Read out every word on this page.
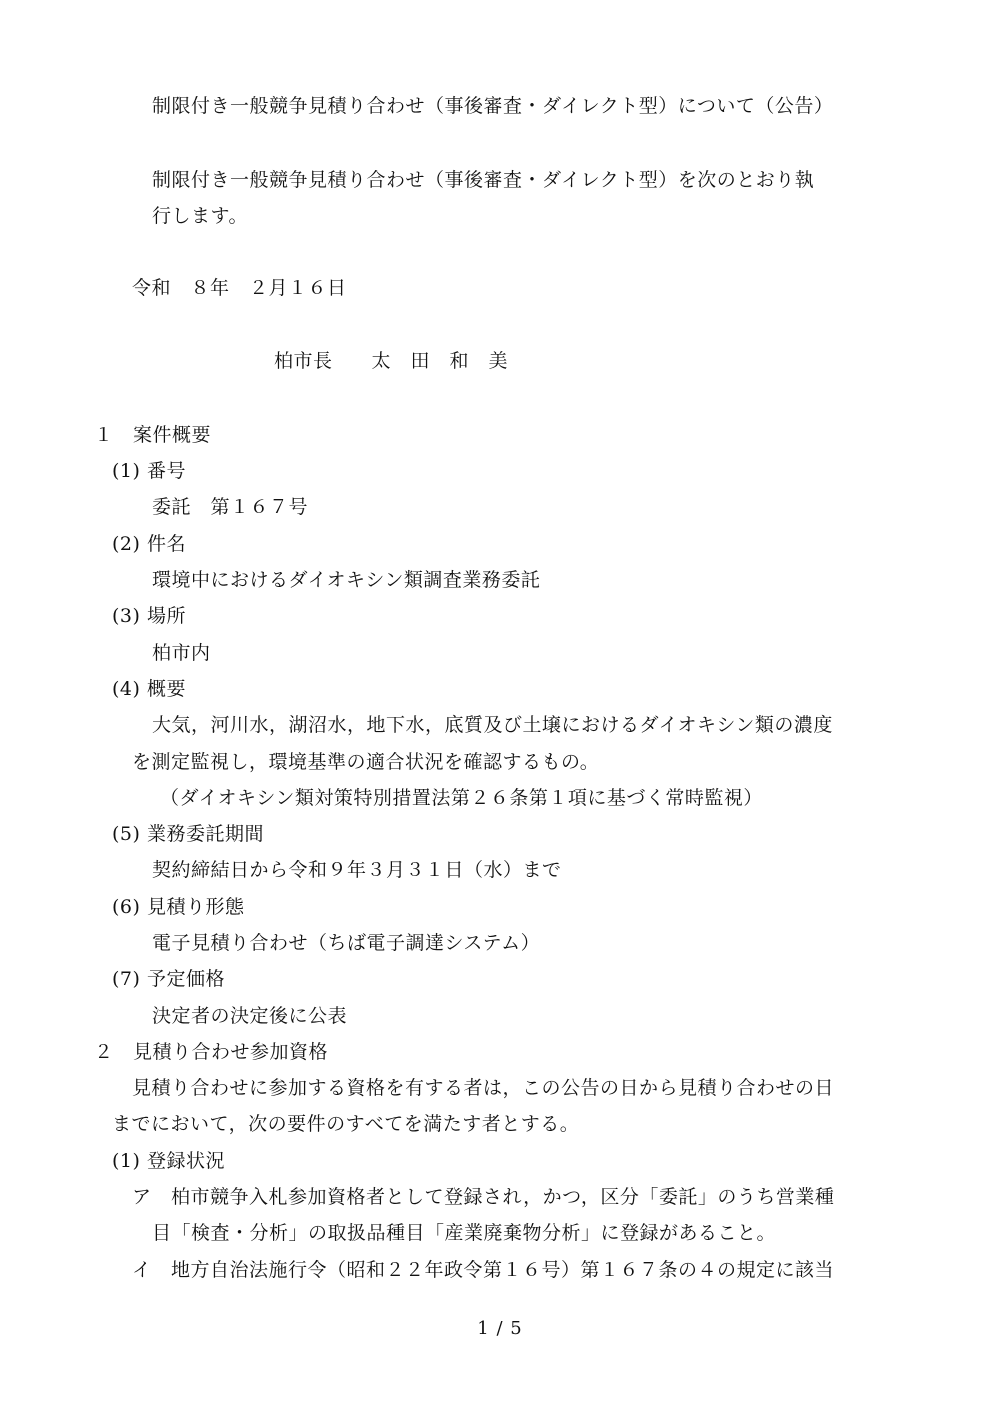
制限付き一般競争見積り合わせ（事後審査・ダイレクト型）について（公告）
制限付き一般競争見積り合わせ（事後審査・ダイレクト型）を次のとおり執
行します。
令和　８年　２月１６日
柏市長　　太　田　和　美
１　案件概要
(1) 番号
委託　第１６７号
(2) 件名
環境中におけるダイオキシン類調査業務委託
(3) 場所
柏市内
(4) 概要
大気，河川水，湖沼水，地下水，底質及び土壌におけるダイオキシン類の濃度
を測定監視し，環境基準の適合状況を確認するもの。
（ダイオキシン類対策特別措置法第２６条第１項に基づく常時監視）
(5) 業務委託期間
契約締結日から令和９年３月３１日（水）まで
(6) 見積り形態
電子見積り合わせ（ちば電子調達システム）
(7) 予定価格
決定者の決定後に公表
２　見積り合わせ参加資格
見積り合わせに参加する資格を有する者は，この公告の日から見積り合わせの日
までにおいて，次の要件のすべてを満たす者とする。
(1) 登録状況
ア　柏市競争入札参加資格者として登録され，かつ，区分「委託」のうち営業種
目「検査・分析」の取扱品種目「産業廃棄物分析」に登録があること。
イ　地方自治法施行令（昭和２２年政令第１６号）第１６７条の４の規定に該当
1 / 5
